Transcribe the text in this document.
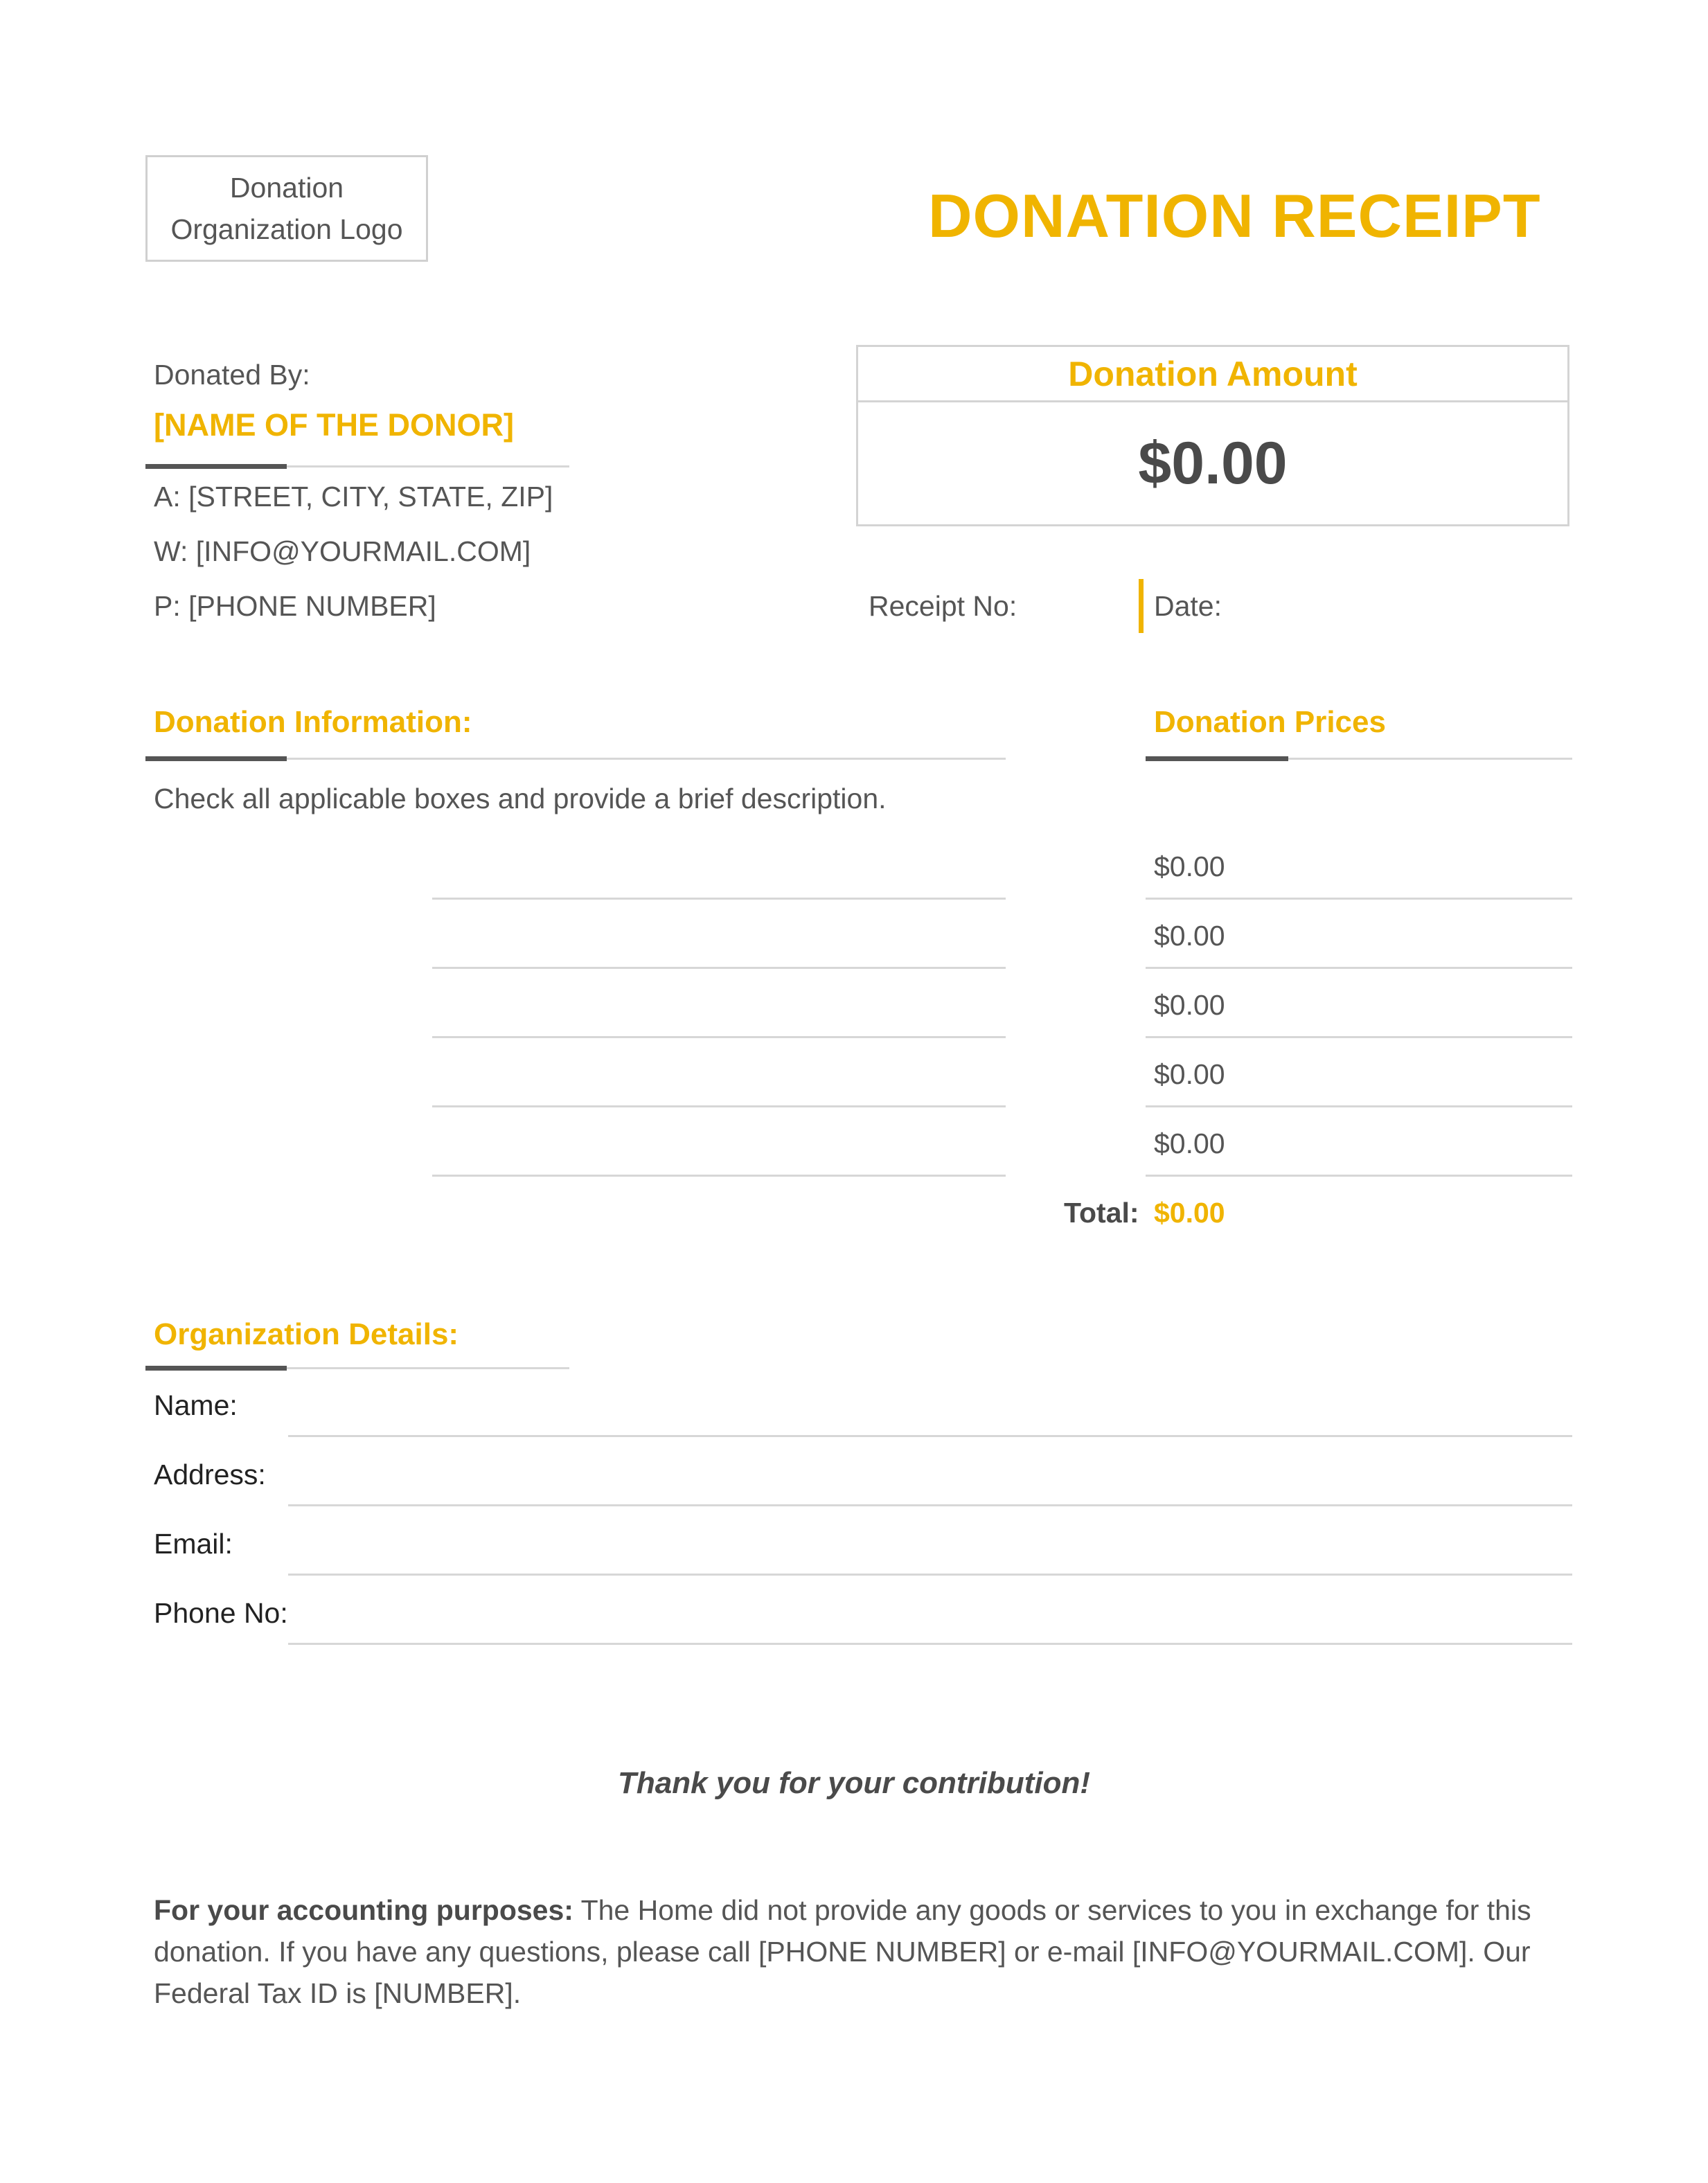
Donation
Organization Logo	DONATION RECEIPT
Donated By:
[NAME OF THE DONOR]
A: [STREET, CITY, STATE, ZIP]
W: [INFO@YOURMAIL.COM]
P: [PHONE NUMBER]
Donation Amount
$0.00
Receipt No:	Date:
Donation Information:
Check all applicable boxes and provide a brief description.
Donation Prices
$0.00
$0.00
$0.00
$0.00
$0.00
Total: $0.00
Organization Details:
Name:
Address:
Email:
Phone No:
Thank you for your contribution!
For your accounting purposes: The Home did not provide any goods or services to you in exchange for this donation. If you have any questions, please call [PHONE NUMBER] or e-mail [INFO@YOURMAIL.COM]. Our Federal Tax ID is [NUMBER].
